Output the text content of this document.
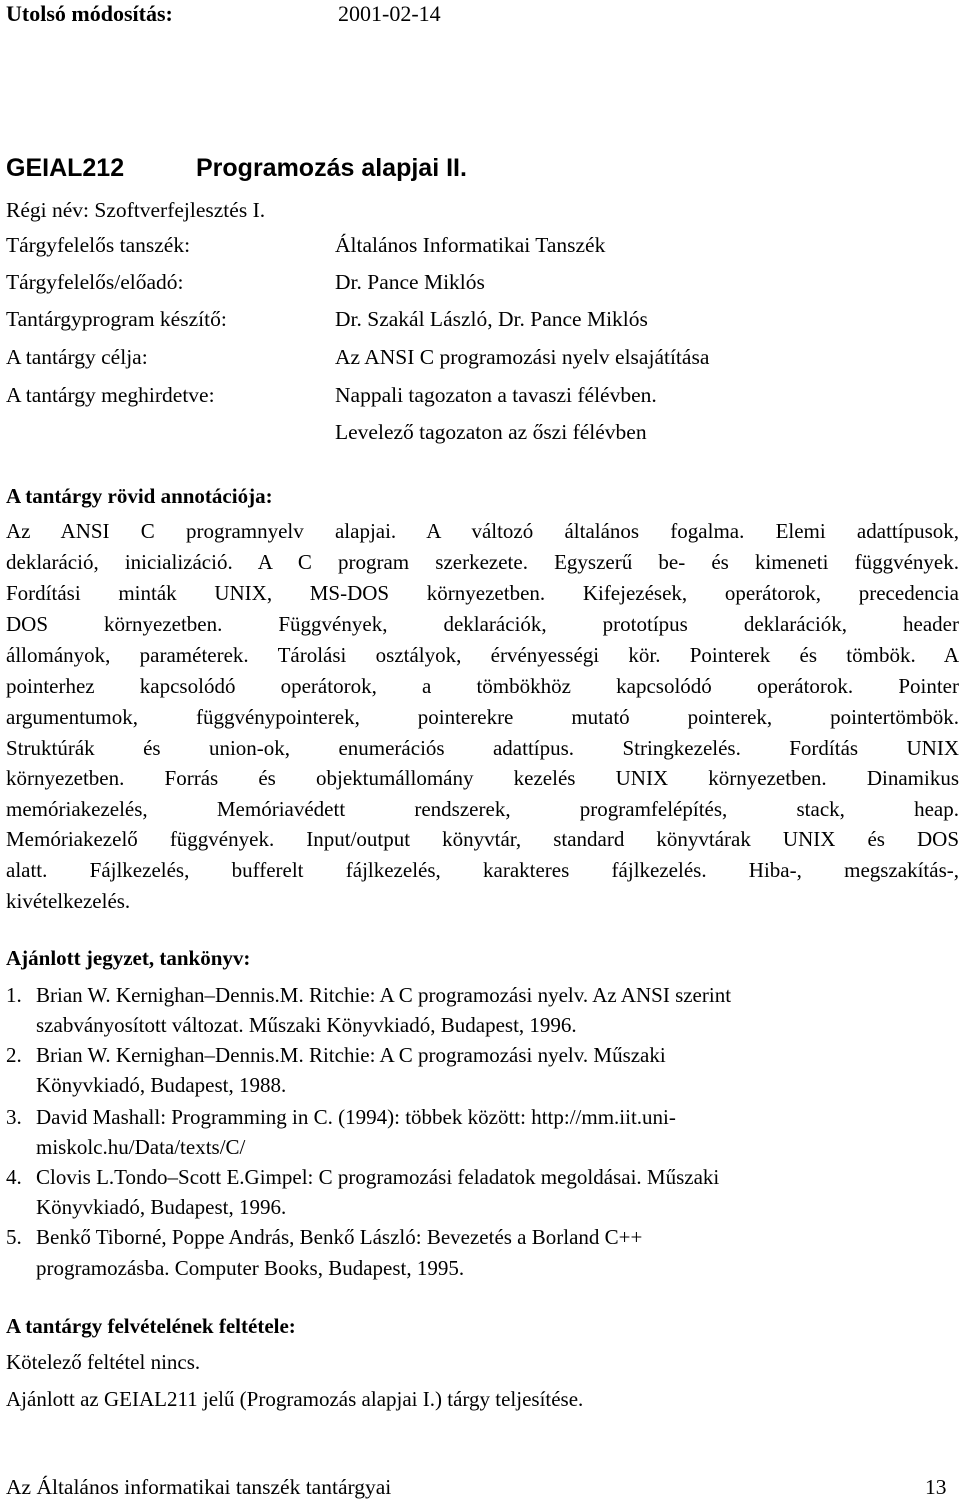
Utolsó módosítás:	2001-02-14
GEIAL212	Programozás alapjai II.
Régi név: Szoftverfejlesztés I.
Tárgyfelelős tanszék:	Általános Informatikai Tanszék
Tárgyfelelős/előadó:	Dr. Pance Miklós
Tantárgyprogram készítő:	Dr. Szakál László, Dr. Pance Miklós
A tantárgy célja:	Az ANSI C programozási nyelv elsajátítása
A tantárgy meghirdetve:	Nappali tagozaton a tavaszi félévben.
Levelező tagozaton az őszi félévben
A tantárgy rövid annotációja:
Az ANSI C programnyelv alapjai. A változó általános fogalma. Elemi adattípusok,
deklaráció, inicializáció. A C program szerkezete. Egyszerű be- és kimeneti függvények.
Fordítási minták UNIX, MS-DOS környezetben. Kifejezések, operátorok, precedencia
DOS környezetben. Függvények, deklarációk, prototípus deklarációk, header
állományok, paraméterek. Tárolási osztályok, érvényességi kör. Pointerek és tömbök. A
pointerhez kapcsolódó operátorok, a tömbökhöz kapcsolódó operátorok. Pointer
argumentumok, függvénypointerek, pointerekre mutató pointerek, pointertömbök.
Struktúrák és union-ok, enumerációs adattípus. Stringkezelés. Fordítás UNIX
környezetben. Forrás és objektumállomány kezelés UNIX környezetben. Dinamikus
memóriakezelés, Memóriavédett rendszerek, programfelépítés, stack, heap.
Memóriakezelő függvények. Input/output könyvtár, standard könyvtárak UNIX és DOS
alatt. Fájlkezelés, bufferelt fájlkezelés, karakteres fájlkezelés. Hiba-, megszakítás-,
kivételkezelés.
Ajánlott jegyzet, tankönyv:
1. Brian W. Kernighan–Dennis.M. Ritchie: A C programozási nyelv. Az ANSI szerint
szabványosított változat. Műszaki Könyvkiadó, Budapest, 1996.
2. Brian W. Kernighan–Dennis.M. Ritchie: A C programozási nyelv. Műszaki
Könyvkiadó, Budapest, 1988.
3. David Mashall: Programming in C. (1994): többek között: http://mm.iit.uni-
miskolc.hu/Data/texts/C/
4. Clovis L.Tondo–Scott E.Gimpel: C programozási feladatok megoldásai. Műszaki
Könyvkiadó, Budapest, 1996.
5. Benkő Tiborné, Poppe András, Benkő László: Bevezetés a Borland C++
programozásba. Computer Books, Budapest, 1995.
A tantárgy felvételének feltétele:
Kötelező feltétel nincs.
Ajánlott az GEIAL211 jelű (Programozás alapjai I.) tárgy teljesítése.
Az Általános informatikai tanszék tantárgyai	13
